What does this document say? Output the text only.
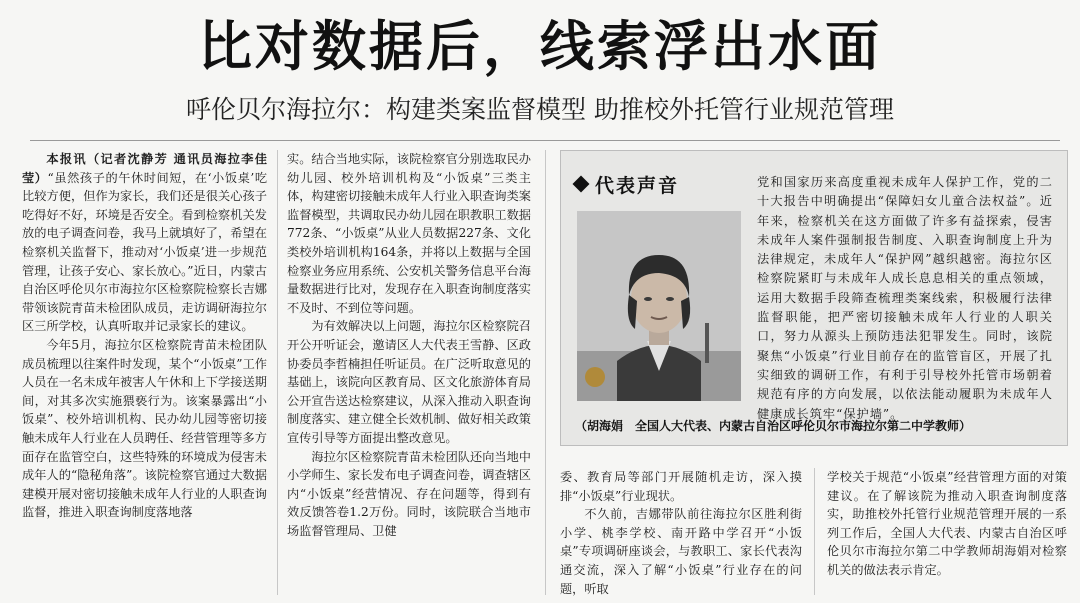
比对数据后，线索浮出水面
呼伦贝尔海拉尔：构建类案监督模型 助推校外托管行业规范管理

本报讯（记者沈静芳 通讯员海拉李佳莹）“虽然孩子的午休时间短，在‘小饭桌’吃比较方便，但作为家长，我们还是很关心孩子吃得好不好，环境是否安全。看到检察机关发放的电子调查问卷，我马上就填好了，希望在检察机关监督下，推动对‘小饭桌’进一步规范管理，让孩子安心、家长放心。”近日，内蒙古自治区呼伦贝尔市海拉尔区检察院检察长吉娜带领该院青苗未检团队成员，走访调研海拉尔区三所学校，认真听取并记录家长的建议。

今年5月，海拉尔区检察院青苗未检团队成员梳理以往案件时发现，某个“小饭桌”工作人员在一名未成年被害人午休和上下学接送期间，对其多次实施猥亵行为。该案暴露出“小饭桌”、校外培训机构、民办幼儿园等密切接触未成年人行业在人员聘任、经营管理等多方面存在监管空白，这些特殊的环境成为侵害未成年人的“隐秘角落”。该院检察官通过大数据建模开展对密切接触未成年人行业的人职查询监督，推进入职查询制度落地落

实。结合当地实际，该院检察官分别选取民办幼儿园、校外培训机构及“小饭桌”三类主体，构建密切接触未成年人行业入职查询类案监督模型，共调取民办幼儿园在职教职工数据772条、“小饭桌”从业人员数据227条、文化类校外培训机构164条，并将以上数据与全国检察业务应用系统、公安机关警务信息平台海量数据进行比对，发现存在入职查询制度落实不及时、不到位等问题。

为有效解决以上问题，海拉尔区检察院召开公开听证会，邀请区人大代表王雪静、区政协委员李哲楠担任听证员。在广泛听取意见的基础上，该院向区教育局、区文化旅游体育局公开宣告送达检察建议，从深入推动入职查询制度落实、建立健全长效机制、做好相关政策宣传引导等方面提出整改意见。

海拉尔区检察院青苗未检团队还向当地中小学师生、家长发布电子调查问卷，调查辖区内“小饭桌”经营情况、存在问题等，得到有效反馈答卷1.2万份。同时，该院联合当地市场监督管理局、卫健

代表声音	党和国家历来高度重视未成年人保护工作，党的二十大报告中明确提出“保障妇女儿童合法权益”。近年来，检察机关在这方面做了许多有益探索，侵害未成年人案件强制报告制度、入职查询制度上升为法律规定，未成年人“保护网”越织越密。海拉尔区检察院紧盯与未成年人成长息息相关的重点领域，运用大数据手段筛查梳理类案线索，积极履行法律监督职能，把严密切接触未成年人行业的人职关口，努力从源头上预防违法犯罪发生。同时，该院聚焦“小饭桌”行业目前存在的监管盲区，开展了扎实细致的调研工作，有利于引导校外托管市场朝着规范有序的方向发展，以依法能动履职为未成年人健康成长筑牢“保护墙”。
（胡海娟　全国人大代表、内蒙古自治区呼伦贝尔市海拉尔第二中学教师）

委、教育局等部门开展随机走访，深入摸排“小饭桌”行业现状。

不久前，吉娜带队前往海拉尔区胜利街小学、桃李学校、南开路中学召开“小饭桌”专项调研座谈会，与教职工、家长代表沟通交流，深入了解“小饭桌”行业存在的问题，听取

学校关于规范“小饭桌”经营管理方面的对策建议。在了解该院为推动入职查询制度落实，助推校外托管行业规范管理开展的一系列工作后，全国人大代表、内蒙古自治区呼伦贝尔市海拉尔第二中学教师胡海娟对检察机关的做法表示肯定。
